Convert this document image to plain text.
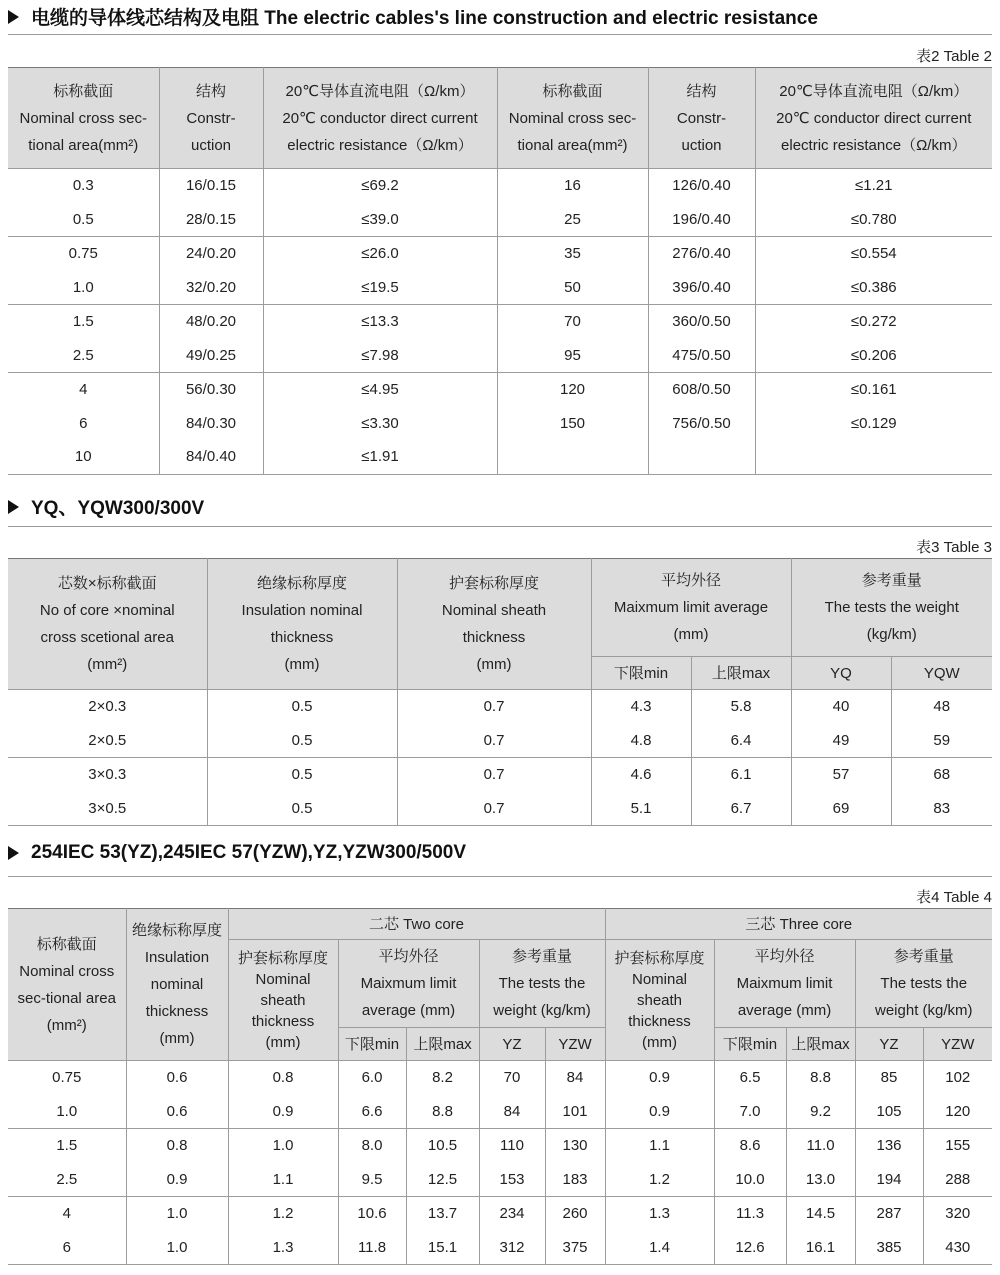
电缆的导体线芯结构及电阻 The electric cables's line construction and electric resistance
表2 Table 2
标称截面
Nominal cross sec-
tional area(mm²)	结构
Constr-
uction	20℃导体直流电阻（Ω/km）
20℃ conductor direct current
electric resistance（Ω/km）	标称截面
Nominal cross sec-
tional area(mm²)	结构
Constr-
uction	20℃导体直流电阻（Ω/km）
20℃ conductor direct current
electric resistance（Ω/km）

0.3	16/0.15	≤69.2	16	126/0.40	≤1.21
0.5	28/0.15	≤39.0	25	196/0.40	≤0.780
0.75	24/0.20	≤26.0	35	276/0.40	≤0.554
1.0	32/0.20	≤19.5	50	396/0.40	≤0.386
1.5	48/0.20	≤13.3	70	360/0.50	≤0.272
2.5	49/0.25	≤7.98	95	475/0.50	≤0.206
4	56/0.30	≤4.95	120	608/0.50	≤0.161
6	84/0.30	≤3.30	150	756/0.50	≤0.129
10	84/0.40	≤1.91			
YQ、YQW300/300V
表3 Table 3
芯数×标称截面
No of core ×nominal
cross scetional area
(mm²)	绝缘标称厚度
Insulation nominal
thickness
(mm)	护套标称厚度
Nominal sheath
thickness
(mm)	平均外径
Maixmum limit average
(mm)		参考重量
The tests the weight
(kg/km)	

			下限min	上限max	YQ	YQW
2×0.3	0.5	0.7	4.3	5.8	40	48
2×0.5	0.5	0.7	4.8	6.4	49	59
3×0.3	0.5	0.7	4.6	6.1	57	68
3×0.5	0.5	0.7	5.1	6.7	69	83
254IEC 53(YZ),245IEC 57(YZW),YZ,YZW300/500V
表4 Table 4
标称截面
Nominal cross
sec-tional area
(mm²)	绝缘标称厚度
Insulation
nominal
thickness
(mm)	二芯 Two core					三芯 Three core				

		护套标称厚度
Nominal
sheath
thickness
(mm)	平均外径
Maixmum limit
average (mm)		参考重量
The tests the
weight (kg/km)		护套标称厚度
Nominal
sheath
thickness
(mm)	平均外径
Maixmum limit
average (mm)		参考重量
The tests the
weight (kg/km)	

			下限min	上限max	YZ	YZW		下限min	上限max	YZ	YZW
0.75	0.6	0.8	6.0	8.2	70	84	0.9	6.5	8.8	85	102
1.0	0.6	0.9	6.6	8.8	84	101	0.9	7.0	9.2	105	120
1.5	0.8	1.0	8.0	10.5	110	130	1.1	8.6	11.0	136	155
2.5	0.9	1.1	9.5	12.5	153	183	1.2	10.0	13.0	194	288
4	1.0	1.2	10.6	13.7	234	260	1.3	11.3	14.5	287	320
6	1.0	1.3	11.8	15.1	312	375	1.4	12.6	16.1	385	430
